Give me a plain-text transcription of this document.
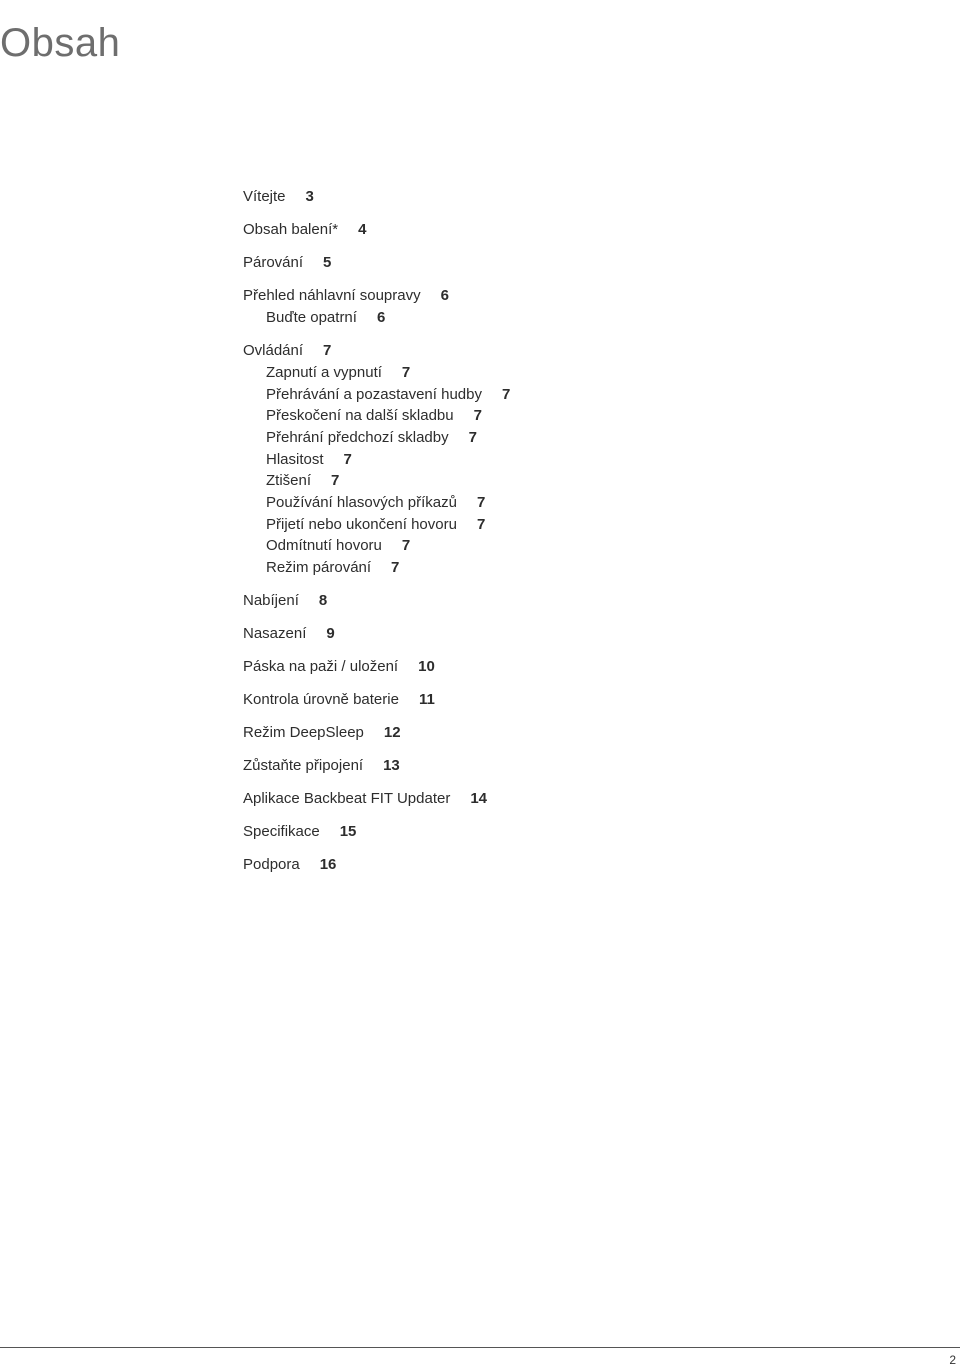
Obsah
Vítejte 3
Obsah balení* 4
Párování 5
Přehled náhlavní soupravy 6
Buďte opatrní 6
Ovládání 7
Zapnutí a vypnutí 7
Přehrávání a pozastavení hudby 7
Přeskočení na další skladbu 7
Přehrání předchozí skladby 7
Hlasitost 7
Ztišení 7
Používání hlasových příkazů 7
Přijetí nebo ukončení hovoru 7
Odmítnutí hovoru 7
Režim párování 7
Nabíjení 8
Nasazení 9
Páska na paži / uložení 10
Kontrola úrovně baterie 11
Režim DeepSleep 12
Zůstaňte připojení 13
Aplikace Backbeat FIT Updater 14
Specifikace 15
Podpora 16
2
